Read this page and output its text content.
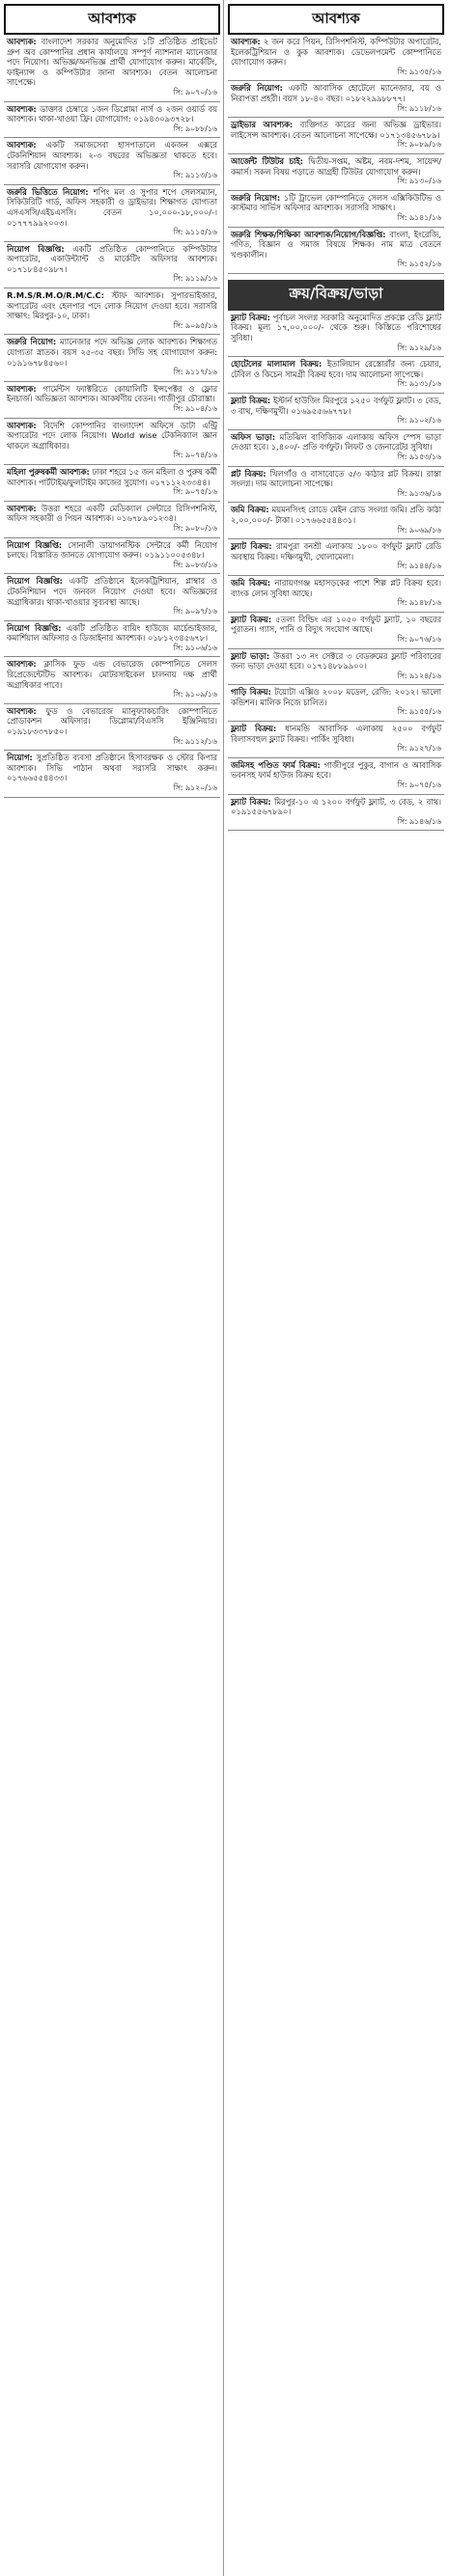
আবশ্যক
আবশ্যক: বাংলাদেশ সরকার অনুমোদিত ১টি প্রতিষ্ঠিত প্রাইভেট গ্রুপ অব কোম্পানির প্রধান কার্যালয়ে সম্পূর্ণ ন্যাশনাল ম্যানেজার পদে নিয়োগ। অভিজ্ঞ/অনভিজ্ঞ প্রার্থী যোগাযোগ করুন। মার্কেটিং, ফাইন্যান্স ও কম্পিউটার জানা আবশ্যক। বেতন আলোচনা সাপেক্ষে।
সি: ৯০৭০/১৬
আবশ্যক: ডাক্তার চেম্বারে ১জন ডিপ্লোমা নার্স ও ২জন ওয়ার্ড বয় আবশ্যক। থাকা-খাওয়া ফ্রি। যোগাযোগ: ০১৯৪৩০৯৩৭২৮।
সি: ৯০৮৮/১৬
আবশ্যক: একটি সমাজসেবা হাসপাতালে একজন এক্সরে টেকনিশিয়ান আবশ্যক। ২-৩ বছরের অভিজ্ঞতা থাকতে হবে। সরাসরি যোগাযোগ করুন।
সি: ৯১১৩/১৬
জরুরি ভিত্তিতে নিয়োগ: শপিং মল ও সুপার শপে সেলসম্যান, সিকিউরিটি গার্ড, অফিস সহকারী ও ড্রাইভার। শিক্ষাগত যোগ্যতা এসএসসি/এইচএসসি। বেতন ১০,০০০-১৮,০০০/-। ০১৭৭৭৯৯২০০৩।
সি: ৯১১৫/১৬
নিয়োগ বিজ্ঞপ্তি: একটি প্রতিষ্ঠিত কোম্পানিতে কম্পিউটার অপারেটর, একাউন্ট্যান্ট ও মার্কেটিং অফিসার আবশ্যক। ০১৭১৮৪৫০৯৮৭।
সি: ৯১১৯/১৬
R.M.S/R.M.O/R.M/C.C: স্টাফ আবশ্যক। সুপারভাইজার, অপারেটর এবং হেলপার পদে লোক নিয়োগ দেওয়া হবে। সরাসরি সাক্ষাৎ: মিরপুর-১০, ঢাকা।
সি: ৯০৯৫/১৬
জরুরি নিয়োগ: ম্যানেজার পদে অভিজ্ঞ লোক আবশ্যক। শিক্ষাগত যোগ্যতা স্নাতক। বয়স ২৫-৩৫ বছর। সিভি সহ যোগাযোগ করুন: ০১৯১৬৭৮৪৫৬০।
সি: ৯১১৭/১৬
আবশ্যক: গার্মেন্টস ফ্যাক্টরিতে কোয়ালিটি ইন্সপেক্টর ও ফ্লোর ইনচার্জ। অভিজ্ঞতা আবশ্যক। আকর্ষণীয় বেতন। গাজীপুর চৌরাস্তা।
সি: ৯১০৪/১৬
আবশ্যক: বিদেশি কোম্পানির বাংলাদেশ অফিসে ডাটা এন্ট্রি অপারেটর পদে লোক নিয়োগ। World wise টেকনিক্যাল জ্ঞান থাকলে অগ্রাধিকার।
সি: ৯০৭৪/১৬
মহিলা পুরুষকর্মী আবশ্যক: ঢাকা শহরে ১৫ জন মহিলা ও পুরুষ কর্মী আবশ্যক। পার্টটাইম/ফুলটাইম কাজের সুযোগ। ০১৭১১২২৩৩৪৪।
সি: ৯০৭৫/১৬
আবশ্যক: উত্তরা শহরে একটি মেডিক্যাল সেন্টারে রিসিপশনিস্ট, অফিস সহকারী ও পিয়ন আবশ্যক। ০১৬৭৮৯০১২৩৪।
সি: ৯০৮০/১৬
নিয়োগ বিজ্ঞপ্তি: সোনালী ডায়াগনস্টিক সেন্টারে কর্মী নিয়োগ চলছে। বিস্তারিত জানতে যোগাযোগ করুন। ০১৯১১০০৫৩৪৮।
সি: ৯০৮৩/১৬
নিয়োগ বিজ্ঞপ্তি: একটি প্রতিষ্ঠানে ইলেকট্রিশিয়ান, প্লাম্বার ও টেকনিশিয়ান পদে জনবল নিয়োগ দেওয়া হবে। অভিজ্ঞদের অগ্রাধিকার। থাকা-খাওয়ার সুব্যবস্থা আছে।
সি: ৯০৯৭/১৬
নিয়োগ বিজ্ঞপ্তি: একটি প্রতিষ্ঠিত বায়িং হাউজে মার্চেন্ডাইজার, কমার্শিয়াল অফিসার ও ডিজাইনার আবশ্যক। ০১৮১২৩৪৫৬৭৮।
সি: ৯১০৬/১৬
আবশ্যক: ক্লাসিক ফুড এন্ড বেভারেজ কোম্পানিতে সেলস রিপ্রেজেন্টেটিভ আবশ্যক। মোটরসাইকেল চালনায় দক্ষ প্রার্থী অগ্রাধিকার পাবে।
সি: ৯১০৯/১৬
আবশ্যক: ফুড ও বেভারেজ ম্যানুফ্যাকচারিং কোম্পানিতে প্রোডাকশন অফিসার। ডিপ্লোমা/বিএসসি ইঞ্জিনিয়ার। ০১৯১৮৩৩৭৮৫০।
সি: ৯১১২/১৬
নিয়োগ: সুপ্রতিষ্ঠিত ব্যবসা প্রতিষ্ঠানে হিসাবরক্ষক ও স্টোর কিপার আবশ্যক। সিভি পাঠান অথবা সরাসরি সাক্ষাৎ করুন। ০১৭৬৬৫৫৪৪৩৩।
সি: ৯১২০/১৬
আবশ্যক
আবশ্যক: ২ জন করে পিয়ন, রিসিপশনিস্ট, কম্পিউটার অপারেটর, ইলেকট্রিশিয়ান ও কুক আবশ্যক। ডেভেলপমেন্ট কোম্পানিতে যোগাযোগ করুন।
সি: ৯১৩৫/১৬
জরুরি নিয়োগ: একটি আবাসিক হোটেলে ম্যানেজার, বয় ও নিরাপত্তা প্রহরী। বয়স ১৮-৪০ বছর। ০১৮২২৯৯৮৮৭৭।
সি: ৯১১৮/১৬
ড্রাইভার আবশ্যক: ব্যক্তিগত কারের জন্য অভিজ্ঞ ড্রাইভার। লাইসেন্স আবশ্যক। বেতন আলোচনা সাপেক্ষে। ০১৭১৩৪৫৬৭৮৯।
সি: ৯০৮৯/১৬
আর্জেন্ট টিউটর চাই: দ্বিতীয়-সপ্তম, অষ্টম, নবম-দশম, সায়েন্স/কমার্স। সকল বিষয় পড়াতে আগ্রহী টিউটর যোগাযোগ করুন।
সি: ৯১৩০/১৬
জরুরি নিয়োগ: ১টি ট্রাভেল কোম্পানিতে সেলস এক্সিকিউটিভ ও কাস্টমার সার্ভিস অফিসার আবশ্যক। সরাসরি সাক্ষাৎ।
সি: ৯১৪১/১৬
জরুরি শিক্ষক/শিক্ষিকা আবশ্যক/নিয়োগ/বিজ্ঞপ্তি: বাংলা, ইংরেজি, গণিত, বিজ্ঞান ও সমাজ বিষয়ে শিক্ষক। নাম মাত্র বেতনে খণ্ডকালীন।
সি: ৯১৫২/১৬
ক্রয়/বিক্রয়/ভাড়া
ফ্ল্যাট বিক্রয়: পূর্বাচল সংলগ্ন সরকারি অনুমোদিত প্রকল্পে রেডি ফ্ল্যাট বিক্রয়। মূল্য ১৭,০০,০০০/- থেকে শুরু। কিস্তিতে পরিশোধের সুবিধা।
সি: ৯১২৯/১৬
হোটেলের মালামাল বিক্রয়: ইতালিয়ান রেস্তোরাঁর জন্য চেয়ার, টেবিল ও কিচেন সামগ্রী বিক্রয় হবে। দাম আলোচনা সাপেক্ষে।
সি: ৯১৩১/১৬
ফ্ল্যাট বিক্রয়: ইস্টার্ন হাউজিং মিরপুরে ১২৫০ বর্গফুট ফ্ল্যাট। ৩ বেড, ৩ বাথ, দক্ষিণমুখী। ০১৬৯৫৫৬৬৭৭৮।
সি: ৯১০২/১৬
অফিস ভাড়া: মতিঝিল বাণিজ্যিক এলাকায় অফিস স্পেস ভাড়া দেওয়া হবে। ১,৪০০/- প্রতি বর্গফুট। লিফট ও জেনারেটর সুবিধা।
সি: ৯১৫৩/১৬
প্লট বিক্রয়: খিলগাঁও ও বাসাবোতে ৫/৩ কাঠার প্লট বিক্রয়। রাস্তা সংলগ্ন। দাম আলোচনা সাপেক্ষে।
সি: ৯১৩৬/১৬
জমি বিক্রয়: ময়মনসিংহ রোডে মেইন রোড সংলগ্ন জমি। প্রতি কাঠা ২,০০,০০০/- টাকা। ০১৭৬৬৫৫৪৪৩১।
সি: ৯০৬৯/১৬
ফ্ল্যাট বিক্রয়: রামপুরা বনশ্রী এলাকায় ১৮০০ বর্গফুট ফ্ল্যাট রেডি অবস্থায় বিক্রয়। দক্ষিণমুখী, খোলামেলা।
সি: ৯১৪৪/১৬
জমি বিক্রয়: নারায়ণগঞ্জ মহাসড়কের পাশে শিল্প প্লট বিক্রয় হবে। ব্যাংক লোন সুবিধা আছে।
সি: ৯১৪৮/১৬
ফ্ল্যাট বিক্রয়: ৫তলা বিল্ডিং এর ১০৫০ বর্গফুট ফ্ল্যাট, ১০ বছরের পুরাতন। গ্যাস, পানি ও বিদ্যুৎ সংযোগ আছে।
সি: ৯০৭৬/১৬
ফ্ল্যাট ভাড়া: উত্তরা ১৩ নং সেক্টরে ৩ বেডরুমের ফ্ল্যাট পরিবারের জন্য ভাড়া দেওয়া হবে। ০১৭১৪৮৮৯৯০০।
সি: ৯১২৪/১৬
গাড়ি বিক্রয়: টয়োটা এক্সিও ২০০৮ মডেল, রেজি: ২০১২। ভালো কন্ডিশন। মালিক নিজে চালিত।
সি: ৯১৫৫/১৬
ফ্ল্যাট বিক্রয়: ধানমন্ডি আবাসিক এলাকায় ২৫০০ বর্গফুট বিলাসবহুল ফ্ল্যাট বিক্রয়। পার্কিং সুবিধা।
সি: ৯১২৭/১৬
জমিসহ পণ্ডিত ফার্ম বিক্রয়: গাজীপুরে পুকুর, বাগান ও আবাসিক ভবনসহ ফার্ম হাউজ বিক্রয় হবে।
সি: ৯০৭৫/১৬
ফ্ল্যাট বিক্রয়: মিরপুর-১০ এ ১২০০ বর্গফুট ফ্ল্যাট, ৩ বেড, ২ বাথ। ০১৯১৫৫৬৭৮৯০।
সি: ৯১৪৬/১৬
